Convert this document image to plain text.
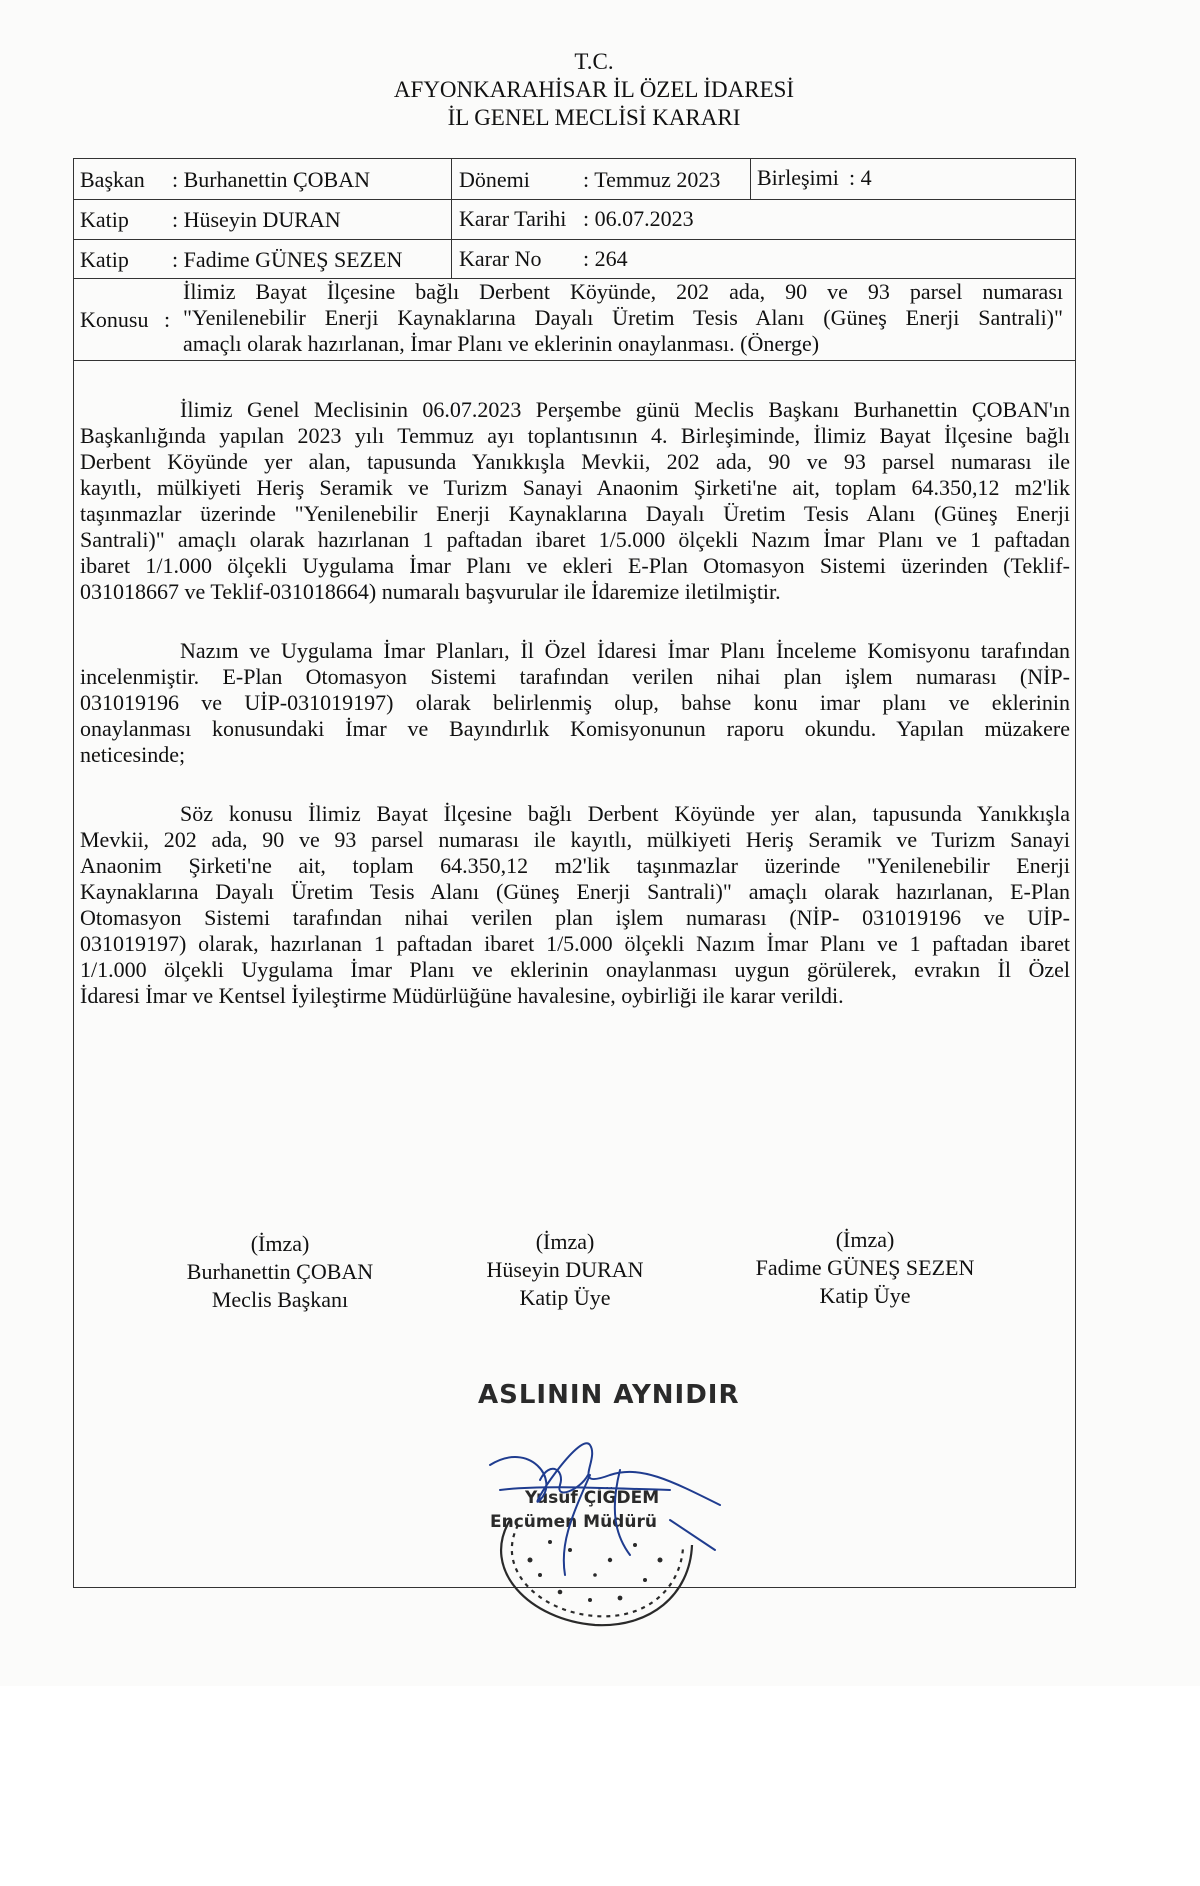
T.C.
AFYONKARAHİSAR İL ÖZEL İDARESİ
İL GENEL MECLİSİ KARARI
Başkan : Burhanettin ÇOBAN	Dönemi : Temmuz 2023 Birleşimi : 4
Katip : Hüseyin DURAN	Karar Tarihi : 06.07.2023
Katip : Fadime GÜNEŞ SEZEN	Karar No : 264
Konusu :
İlimiz Bayat İlçesine bağlı Derbent Köyünde, 202 ada, 90 ve 93 parsel numarası
"Yenilenebilir Enerji Kaynaklarına Dayalı Üretim Tesis Alanı (Güneş Enerji Santrali)"
amaçlı olarak hazırlanan, İmar Planı ve eklerinin onaylanması. (Önerge)
İlimiz Genel Meclisinin 06.07.2023 Perşembe günü Meclis Başkanı Burhanettin ÇOBAN'ın
Başkanlığında yapılan 2023 yılı Temmuz ayı toplantısının 4. Birleşiminde, İlimiz Bayat İlçesine bağlı
Derbent Köyünde yer alan, tapusunda Yanıkkışla Mevkii, 202 ada, 90 ve 93 parsel numarası ile
kayıtlı, mülkiyeti Heriş Seramik ve Turizm Sanayi Anaonim Şirketi'ne ait, toplam 64.350,12 m2'lik
taşınmazlar üzerinde "Yenilenebilir Enerji Kaynaklarına Dayalı Üretim Tesis Alanı (Güneş Enerji
Santrali)" amaçlı olarak hazırlanan 1 paftadan ibaret 1/5.000 ölçekli Nazım İmar Planı ve 1 paftadan
ibaret 1/1.000 ölçekli Uygulama İmar Planı ve ekleri E-Plan Otomasyon Sistemi üzerinden (Teklif-
031018667 ve Teklif-031018664) numaralı başvurular ile İdaremize iletilmiştir.
Nazım ve Uygulama İmar Planları, İl Özel İdaresi İmar Planı İnceleme Komisyonu tarafından
incelenmiştir. E-Plan Otomasyon Sistemi tarafından verilen nihai plan işlem numarası (NİP-
031019196 ve UİP-031019197) olarak belirlenmiş olup, bahse konu imar planı ve eklerinin
onaylanması konusundaki İmar ve Bayındırlık Komisyonunun raporu okundu. Yapılan müzakere
neticesinde;
Söz konusu İlimiz Bayat İlçesine bağlı Derbent Köyünde yer alan, tapusunda Yanıkkışla
Mevkii, 202 ada, 90 ve 93 parsel numarası ile kayıtlı, mülkiyeti Heriş Seramik ve Turizm Sanayi
Anaonim Şirketi'ne ait, toplam 64.350,12 m2'lik taşınmazlar üzerinde "Yenilenebilir Enerji
Kaynaklarına Dayalı Üretim Tesis Alanı (Güneş Enerji Santrali)" amaçlı olarak hazırlanan, E-Plan
Otomasyon Sistemi tarafından nihai verilen plan işlem numarası (NİP- 031019196 ve UİP-
031019197) olarak, hazırlanan 1 paftadan ibaret 1/5.000 ölçekli Nazım İmar Planı ve 1 paftadan ibaret
1/1.000 ölçekli Uygulama İmar Planı ve eklerinin onaylanması uygun görülerek, evrakın İl Özel
İdaresi İmar ve Kentsel İyileştirme Müdürlüğüne havalesine, oybirliği ile karar verildi.
(İmza)
Burhanettin ÇOBAN
Meclis Başkanı
(İmza)
Hüseyin DURAN
Katip Üye
(İmza)
Fadime GÜNEŞ SEZEN
Katip Üye
ASLININ AYNIDIR
Yusuf ÇİĞDEM
Encümen Müdürü
